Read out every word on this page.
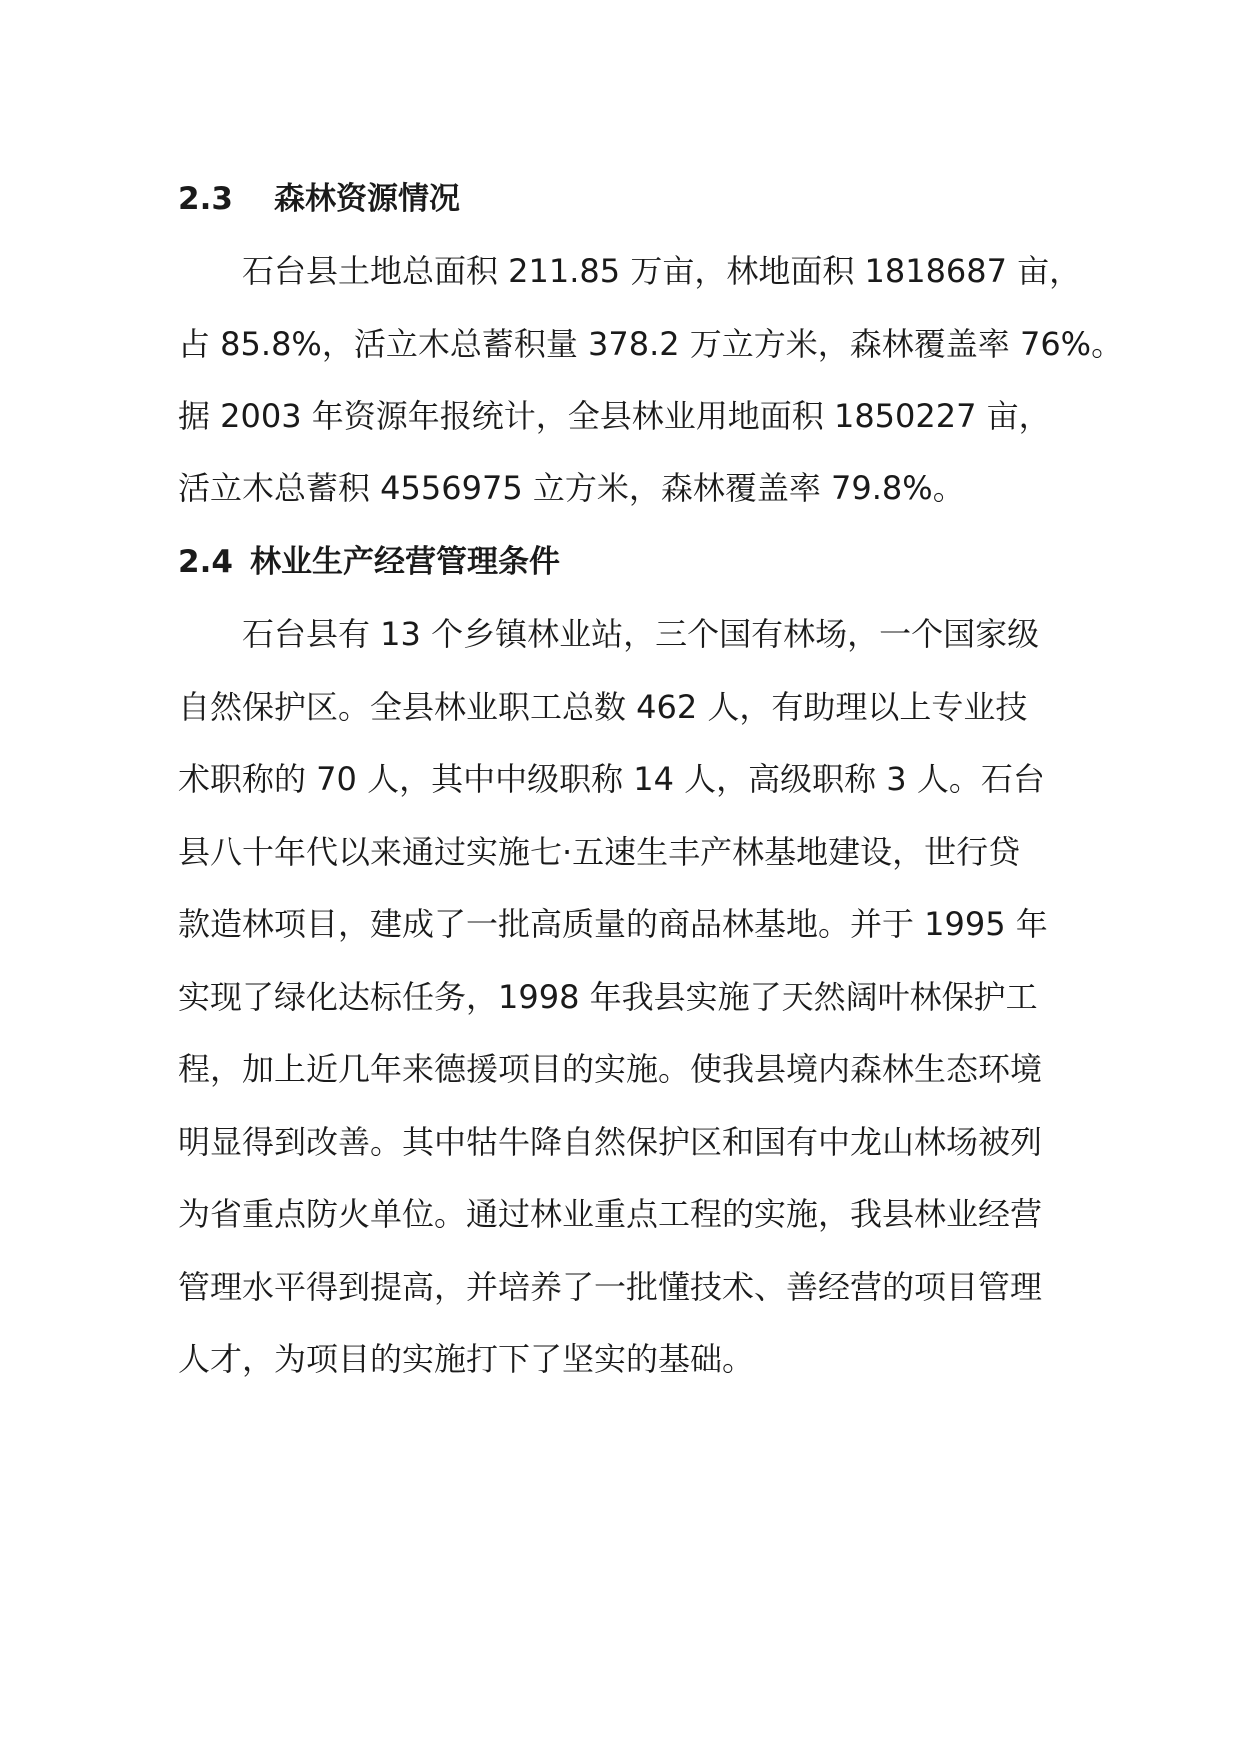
2.3 森林资源情况
石台县土地总面积 211.85 万亩，林地面积 1818687 亩，
占 85.8%，活立木总蓄积量 378.2 万立方米，森林覆盖率 76%。
据 2003 年资源年报统计，全县林业用地面积 1850227 亩，
活立木总蓄积 4556975 立方米，森林覆盖率 79.8%。
2.4 林业生产经营管理条件
石台县有 13 个乡镇林业站，三个国有林场，一个国家级
自然保护区。全县林业职工总数 462 人，有助理以上专业技
术职称的 70 人，其中中级职称 14 人，高级职称 3 人。石台
县八十年代以来通过实施七·五速生丰产林基地建设，世行贷
款造林项目，建成了一批高质量的商品林基地。并于 1995 年
实现了绿化达标任务，1998 年我县实施了天然阔叶林保护工
程，加上近几年来德援项目的实施。使我县境内森林生态环境
明显得到改善。其中牯牛降自然保护区和国有中龙山林场被列
为省重点防火单位。通过林业重点工程的实施，我县林业经营
管理水平得到提高，并培养了一批懂技术、善经营的项目管理
人才，为项目的实施打下了坚实的基础。
